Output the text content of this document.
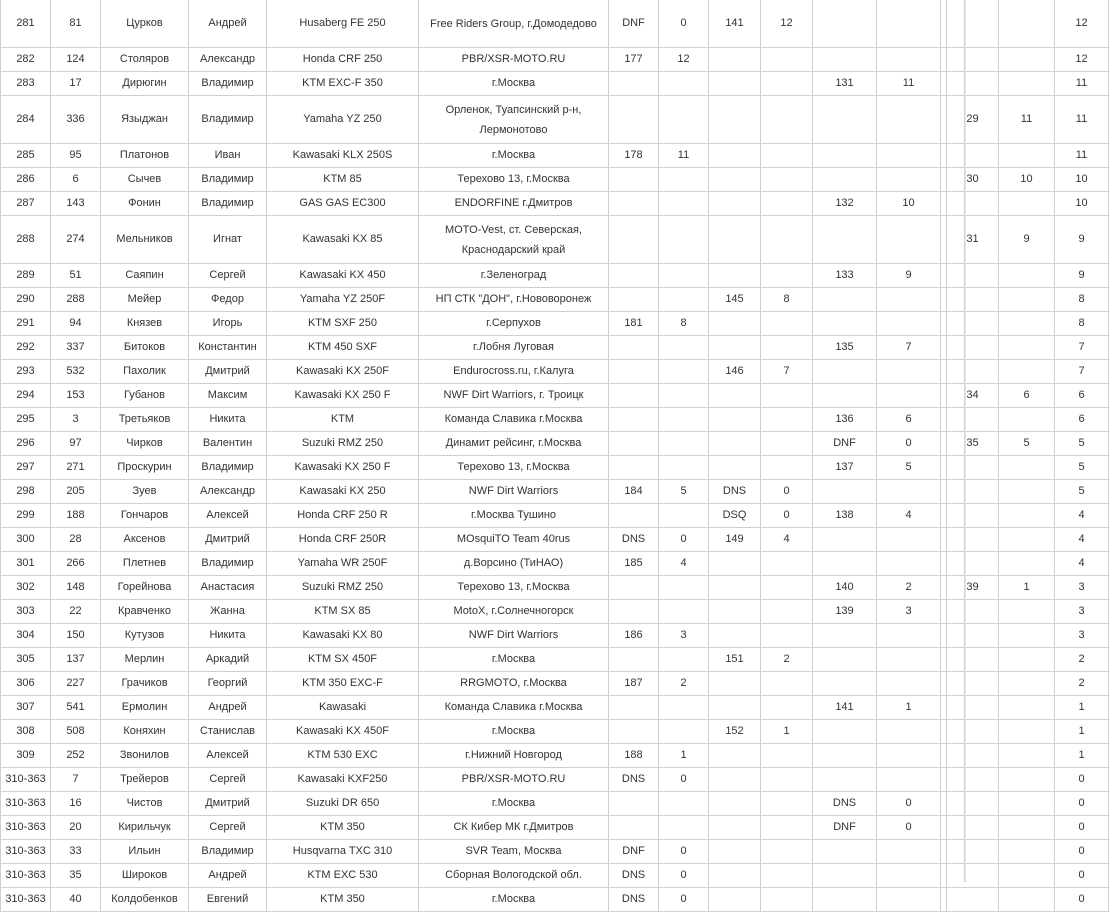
281	81	Цурков	Андрей	Husaberg FE 250	Free Riders Group, г.Домодедово	DNF	0	141	12						12
282	124	Столяров	Александр	Honda CRF 250	PBR/XSR-MOTO.RU	177	12								12
283	17	Дирюгин	Владимир	KTM EXC-F 350	г.Москва					131	11				11
284	336	Языджан	Владимир	Yamaha YZ 250	Орленок, Туапсинский р-н, Лермонотово								29	11	11
285	95	Платонов	Иван	Kawasaki KLX 250S	г.Москва	178	11								11
286	6	Сычев	Владимир	KTM 85	Терехово 13, г.Москва								30	10	10
287	143	Фонин	Владимир	GAS GAS EC300	ENDORFINE г.Дмитров					132	10				10
288	274	Мельников	Игнат	Kawasaki KX 85	MOTO-Vest, ст. Северская, Краснодарский край								31	9	9
289	51	Саяпин	Сергей	Kawasaki KX 450	г.Зеленоград					133	9				9
290	288	Мейер	Федор	Yamaha YZ 250F	НП СТК "ДОН", г.Нововоронеж			145	8						8
291	94	Князев	Игорь	KTM SXF 250	г.Серпухов	181	8								8
292	337	Битоков	Константин	KTM 450 SXF	г.Лобня Луговая					135	7				7
293	532	Пахолик	Дмитрий	Kawasaki KX 250F	Endurocross.ru, г.Калуга			146	7						7
294	153	Губанов	Максим	Kawasaki KX 250 F	NWF Dirt Warriors, г. Троицк								34	6	6
295	3	Третьяков	Никита	KTM	Команда Славика г.Москва					136	6				6
296	97	Чирков	Валентин	Suzuki RMZ 250	Динамит рейсинг, г.Москва					DNF	0		35	5	5
297	271	Проскурин	Владимир	Kawasaki KX 250 F	Терехово 13, г.Москва					137	5				5
298	205	Зуев	Александр	Kawasaki KX 250	NWF Dirt Warriors	184	5	DNS	0						5
299	188	Гончаров	Алексей	Honda CRF 250 R	г.Москва Тушино			DSQ	0	138	4				4
300	28	Аксенов	Дмитрий	Honda CRF 250R	MOsquiTO Team 40rus	DNS	0	149	4						4
301	266	Плетнев	Владимир	Yamaha WR 250F	д.Ворсино (ТиНАО)	185	4								4
302	148	Горейнова	Анастасия	Suzuki RMZ 250	Терехово 13, г.Москва					140	2		39	1	3
303	22	Кравченко	Жанна	KTM SX 85	MotoX, г.Солнечногорск					139	3				3
304	150	Кутузов	Никита	Kawasaki KX 80	NWF Dirt Warriors	186	3								3
305	137	Мерлин	Аркадий	KTM SX 450F	г.Москва			151	2						2
306	227	Грачиков	Георгий	KTM 350 EXC-F	RRGMOTO, г.Москва	187	2								2
307	541	Ермолин	Андрей	Kawasaki	Команда Славика г.Москва					141	1				1
308	508	Коняхин	Станислав	Kawasaki KX 450F	г.Москва			152	1						1
309	252	Звонилов	Алексей	KTM 530 EXC	г.Нижний Новгород	188	1								1
310-363	7	Трейеров	Сергей	Kawasaki KXF250	PBR/XSR-MOTO.RU	DNS	0								0
310-363	16	Чистов	Дмитрий	Suzuki DR 650	г.Москва					DNS	0				0
310-363	20	Кирильчук	Сергей	KTM 350	СК Кибер МК г.Дмитров					DNF	0				0
310-363	33	Ильин	Владимир	Husqvarna TXC 310	SVR Team, Москва	DNF	0								0
310-363	35	Широков	Андрей	KTM EXC 530	Сборная Вологодской обл.	DNS	0								0
310-363	40	Колдобенков	Евгений	KTM 350	г.Москва	DNS	0								0
